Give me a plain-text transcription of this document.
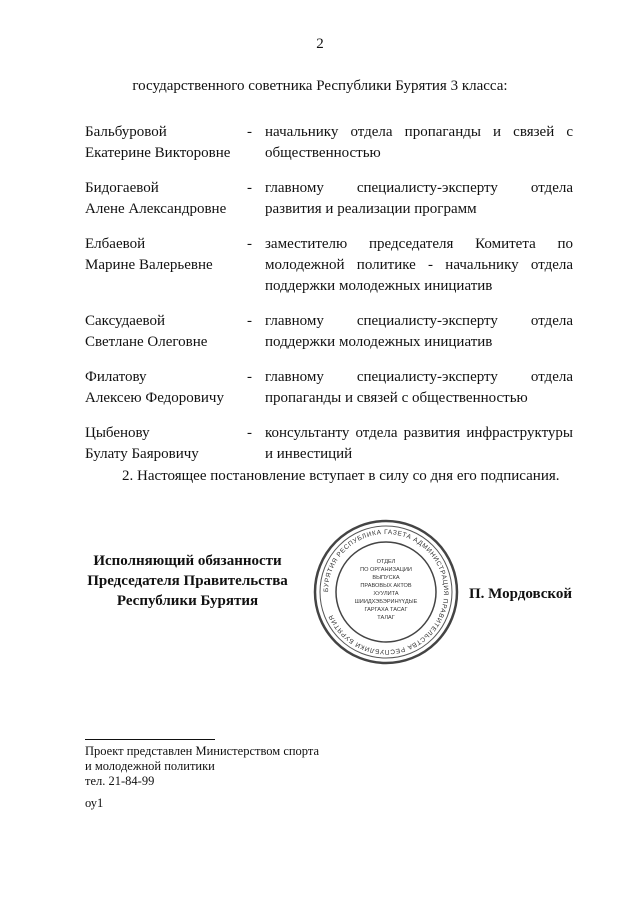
2
государственного советника Республики Бурятия 3 класса:
Бальбуровой
Екатерине Викторовне
- начальнику отдела пропаганды и связей с общественностью
Бидогаевой
Алене Александровне
- главному специалисту-эксперту отдела развития и реализации программ
Елбаевой
Марине Валерьевне
- заместителю председателя Комитета по молодежной политике - начальнику отдела поддержки молодежных инициатив
Саксудаевой
Светлане Олеговне
- главному специалисту-эксперту отдела поддержки молодежных инициатив
Филатову
Алексею Федоровичу
- главному специалисту-эксперту отдела пропаганды и связей с общественностью
Цыбенову
Булату Баяровичу
- консультанту отдела развития инфраструктуры и инвестиций
2. Настоящее постановление вступает в силу со дня его подписания.
Исполняющий обязанности
Председателя Правительства
Республики Бурятия
БУРЯТИЯ РЕСПУБЛИКА ГАЗЕТА АДМИНИСТРАЦИЯ ПРАВИТЕЛЬСТВА РЕСПУБЛИКИ БУРЯТИЯ
ОТДЕЛ
ПО ОРГАНИЗАЦИИ
ВЫПУСКА
ПРАВОВЫХ АКТОВ
ХУУЛИТА
ШИИДХЭБЭРИНҮҮДЫЕ
ГАРГАХА ТАСАГ
ТАЛАГ
П. Мордовской
Проект представлен Министерством спорта
и молодежной политики
тел. 21-84-99
оу1
